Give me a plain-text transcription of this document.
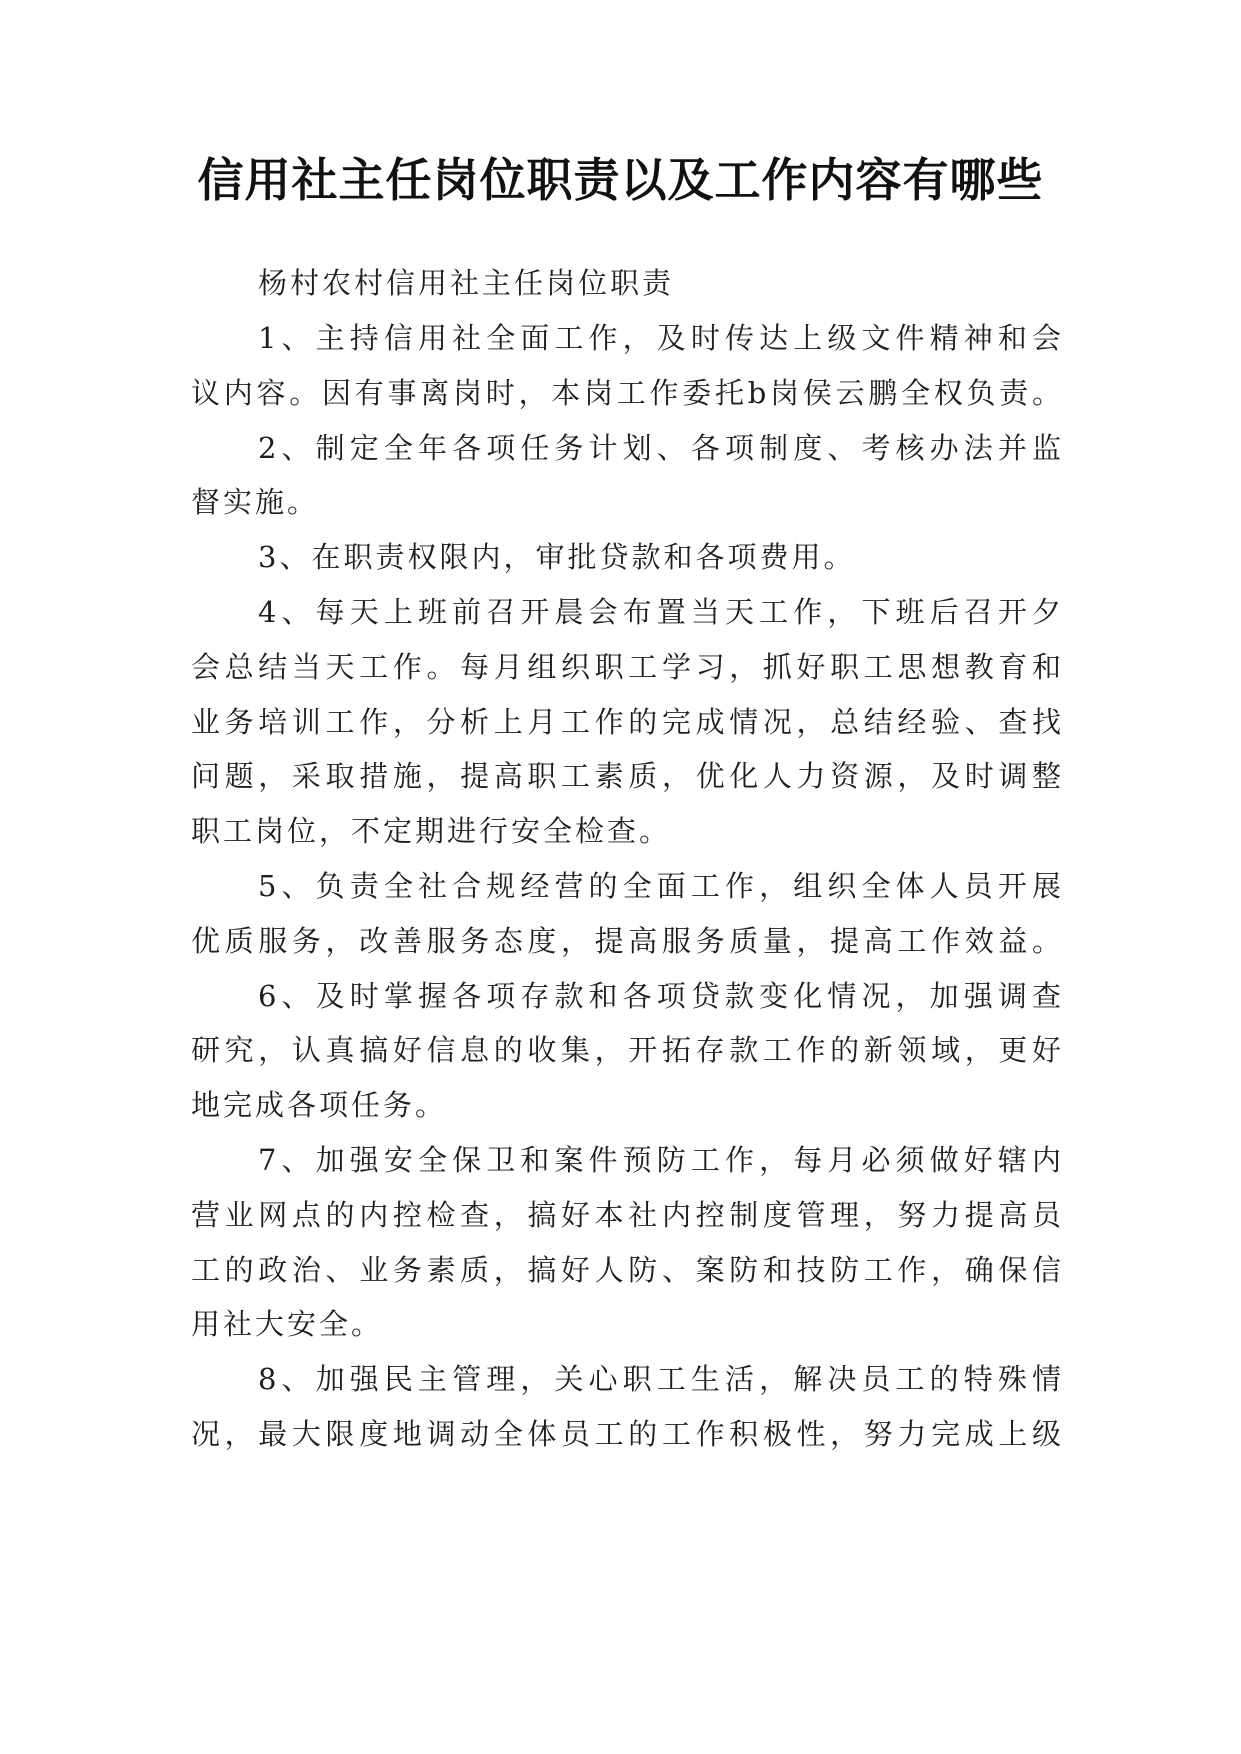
信用社主任岗位职责以及工作内容有哪些
杨村农村信用社主任岗位职责
1、主持信用社全面工作，及时传达上级文件精神和会
议内容。因有事离岗时，本岗工作委托b岗侯云鹏全权负责。
2、制定全年各项任务计划、各项制度、考核办法并监
督实施。
3、在职责权限内，审批贷款和各项费用。
4、每天上班前召开晨会布置当天工作，下班后召开夕
会总结当天工作。每月组织职工学习，抓好职工思想教育和
业务培训工作，分析上月工作的完成情况，总结经验、查找
问题，采取措施，提高职工素质，优化人力资源，及时调整
职工岗位，不定期进行安全检查。
5、负责全社合规经营的全面工作，组织全体人员开展
优质服务，改善服务态度，提高服务质量，提高工作效益。
6、及时掌握各项存款和各项贷款变化情况，加强调查
研究，认真搞好信息的收集，开拓存款工作的新领域，更好
地完成各项任务。
7、加强安全保卫和案件预防工作，每月必须做好辖内
营业网点的内控检查，搞好本社内控制度管理，努力提高员
工的政治、业务素质，搞好人防、案防和技防工作，确保信
用社大安全。
8、加强民主管理，关心职工生活，解决员工的特殊情
况，最大限度地调动全体员工的工作积极性，努力完成上级
